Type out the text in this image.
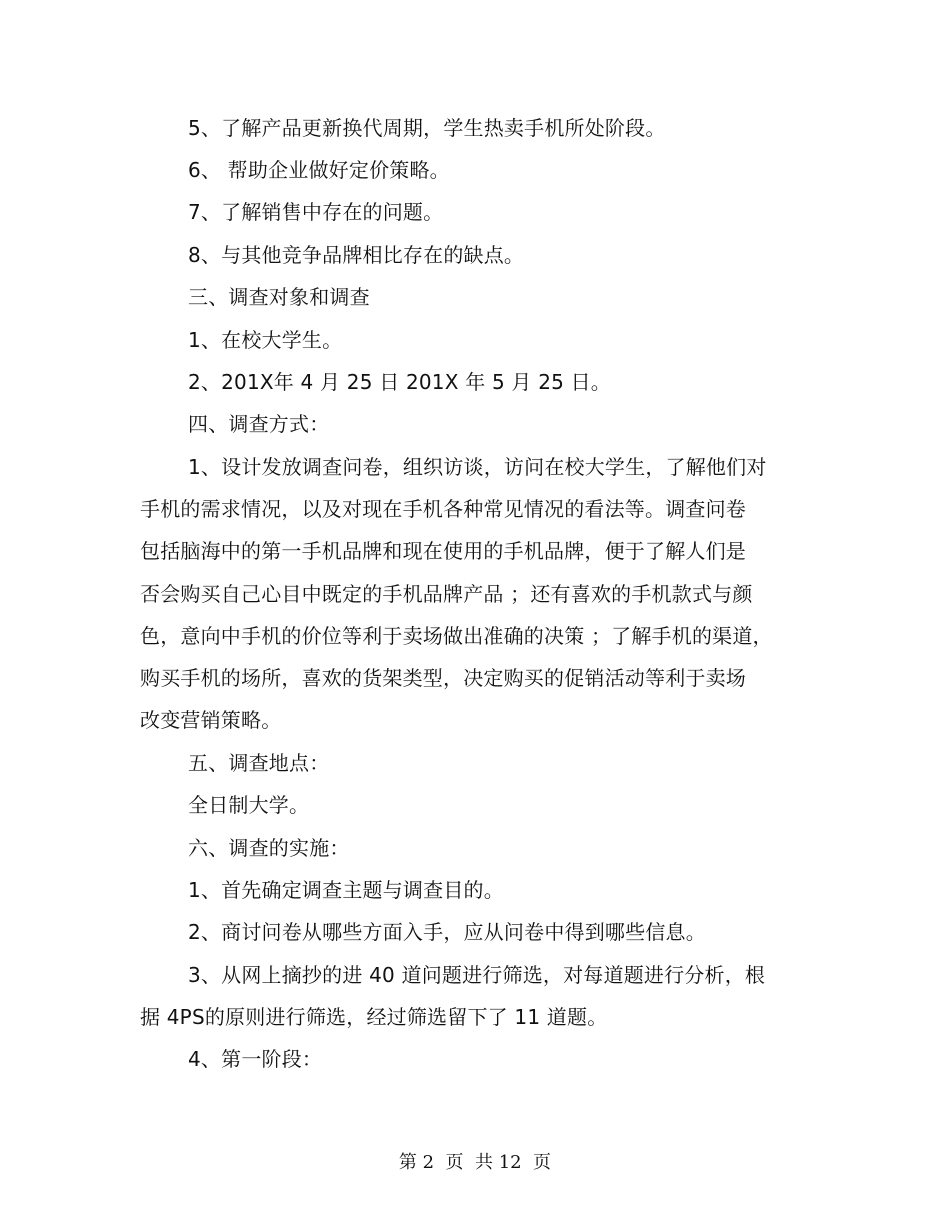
5、了解产品更新换代周期，学生热卖手机所处阶段。
6、 帮助企业做好定价策略。
7、了解销售中存在的问题。
8、与其他竞争品牌相比存在的缺点。
三、调查对象和调查
1、在校大学生。
2、201X年 4 月 25 日 201X 年 5 月 25 日。
四、调查方式：
1、设计发放调查问卷，组织访谈，访问在校大学生，了解他们对
手机的需求情况，以及对现在手机各种常见情况的看法等。调查问卷
包括脑海中的第一手机品牌和现在使用的手机品牌，便于了解人们是
否会购买自己心目中既定的手机品牌产品 ；还有喜欢的手机款式与颜
色，意向中手机的价位等利于卖场做出准确的决策 ；了解手机的渠道，
购买手机的场所，喜欢的货架类型，决定购买的促销活动等利于卖场
改变营销策略。
五、调查地点：
全日制大学。
六、调查的实施：
1、首先确定调查主题与调查目的。
2、商讨问卷从哪些方面入手，应从问卷中得到哪些信息。
3、从网上摘抄的进 40 道问题进行筛选，对每道题进行分析，根
据 4PS的原则进行筛选，经过筛选留下了 11 道题。
4、第一阶段：
第 2  页  共 12  页
